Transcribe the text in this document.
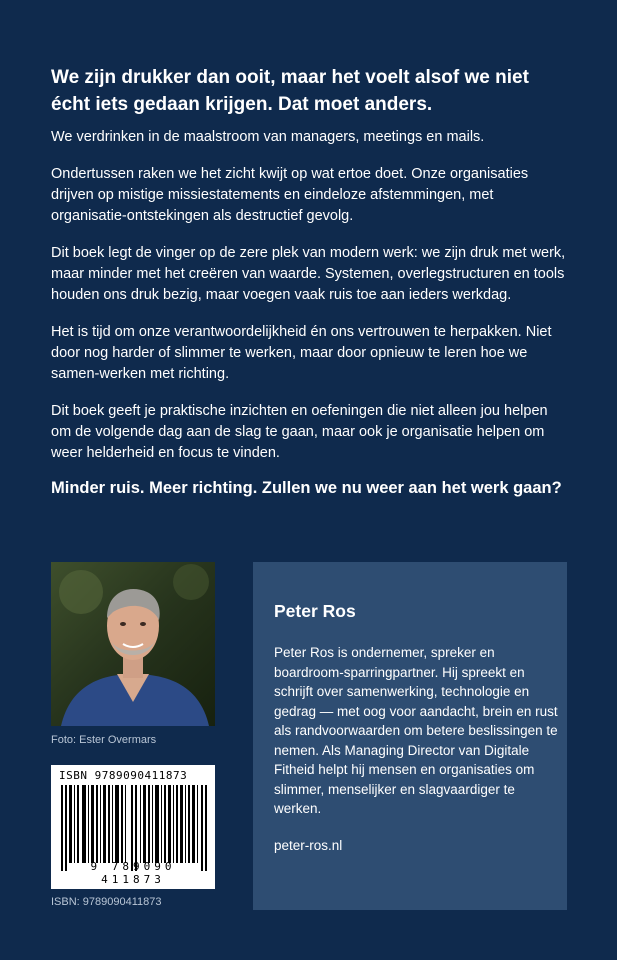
We zijn drukker dan ooit, maar het voelt alsof we niet
écht iets gedaan krijgen. Dat moet anders.

We verdrinken in de maalstroom van managers, meetings en mails.

Ondertussen raken we het zicht kwijt op wat ertoe doet. Onze organisaties drijven op mistige missiestatements en eindeloze afstemmingen, met organisatie-ontstekingen als destructief gevolg.

Dit boek legt de vinger op de zere plek van modern werk: we zijn druk met werk, maar minder met het creëren van waarde. Systemen, overlegstructuren en tools houden ons druk bezig, maar voegen vaak ruis toe aan ieders werkdag.

Het is tijd om onze verantwoordelijkheid én ons vertrouwen te herpakken. Niet door nog harder of slimmer te werken, maar door opnieuw te leren hoe we samen-werken met richting.

Dit boek geeft je praktische inzichten en oefeningen die niet alleen jou helpen om de volgende dag aan de slag te gaan, maar ook je organisatie helpen om weer helderheid en focus te vinden.

Minder ruis. Meer richting. Zullen we nu weer aan het werk gaan?

Foto: Ester Overmars
ISBN 9789090411873
9 789090 411873
ISBN: 9789090411873
Peter Ros

Peter Ros is ondernemer, spreker en boardroom-sparringpartner. Hij spreekt en schrijft over samenwerking, technologie en gedrag — met oog voor aandacht, brein en rust als randvoorwaarden om betere beslissingen te nemen. Als Managing Director van Digitale Fitheid helpt hij mensen en organisaties om slimmer, menselijker en slagvaardiger te werken.

peter-ros.nl
